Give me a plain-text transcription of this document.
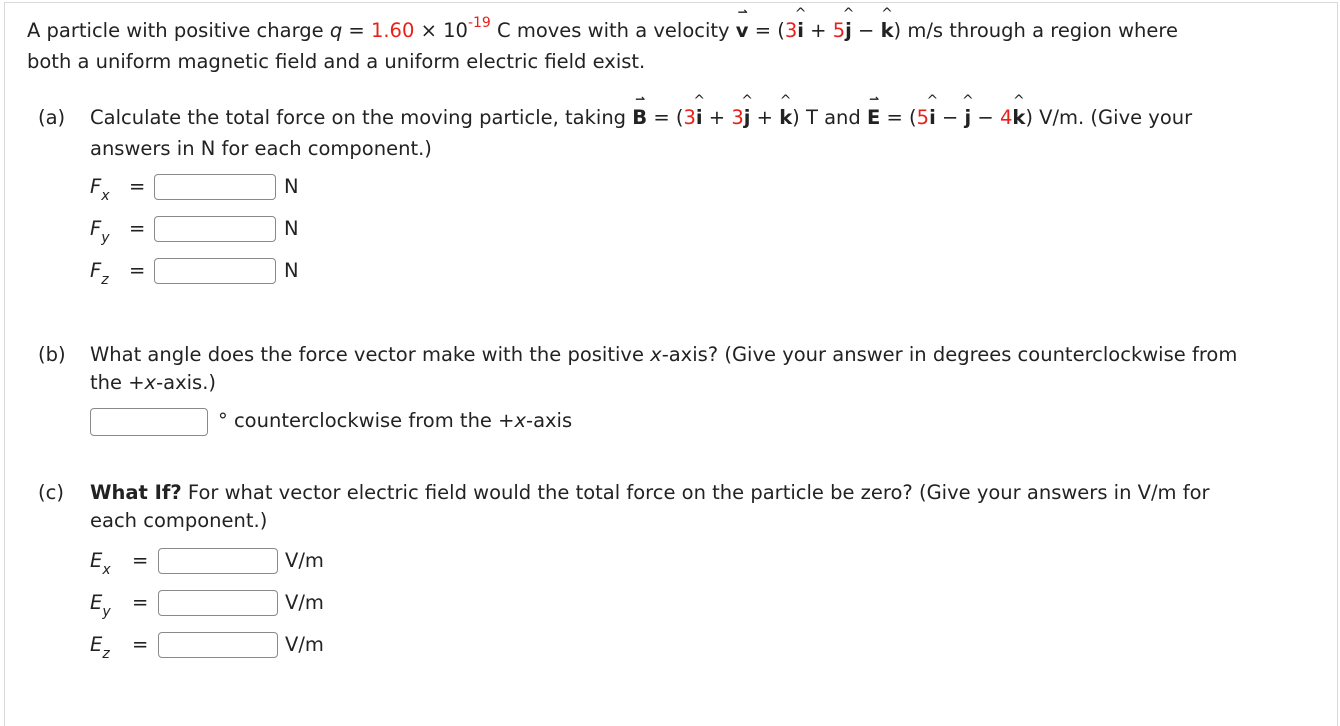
A particle with positive charge $q = 1.60 \times 10^{-19}$ C moves with a velocity
⇀
v = (3
^
i + 5
^
j −
^
k) m/s through a region where
both a uniform magnetic field and a uniform electric field exist.
(a) Calculate the total force on the moving particle, taking
⇀
B = (3
^
i + 3
^
j +
^
k) T and
⇀
E = (5
^
i −
^
j − 4
^
k) V/m. (Give your
answers in N for each component.)
$F_x$ =	N
$F_y$ =	N
$F_z$ =	N
(b) What angle does the force vector make with the positive x-axis? (Give your answer in degrees counterclockwise from
the +x-axis.)
° counterclockwise from the +x-axis
(c) What If? For what vector electric field would the total force on the particle be zero? (Give your answers in V/m for
each component.)
$E_x$ =	V/m
$E_y$ =	V/m
$E_z$ =	V/m
